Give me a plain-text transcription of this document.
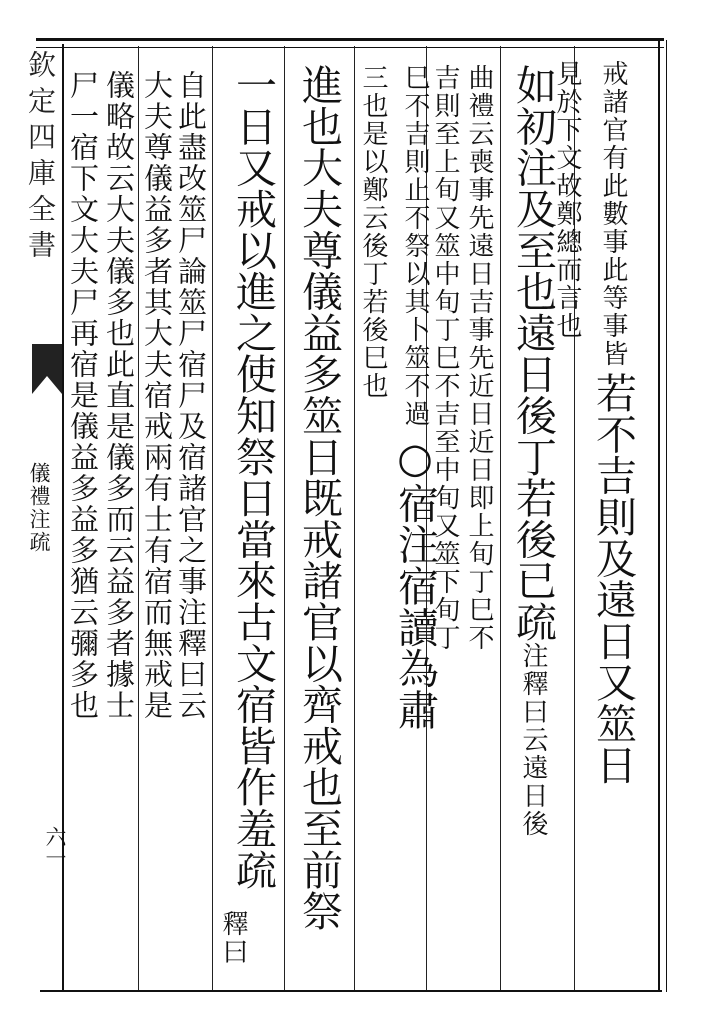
欽定四庫全書
儀禮注疏
六一
戒諸官有此數事此等事皆若不吉則及遠日又筮日
見於下文故鄭總而言也
如初注及至也遠日後丁若後已疏注釋曰云遠日後
曲禮云喪事先遠日吉事先近日近日即上旬丁巳不
吉則至上旬又筮中旬丁巳不吉至中旬又筮下旬丁
巳不吉則止不祭以其卜筮不過○宿注宿讀為肅
三也是以鄭云後丁若後巳也
進也大夫尊儀益多筮日既戒諸官以齊戒也至前祭
一日又戒以進之使知祭日當來古文宿皆作羞疏
釋曰
自此盡改筮尸論筮尸宿尸及宿諸官之事注釋曰云
大夫尊儀益多者其大夫宿戒兩有士有宿而無戒是
儀略故云大夫儀多也此直是儀多而云益多者據士
尸一宿下文大夫尸再宿是儀益多益多猶云彌多也
